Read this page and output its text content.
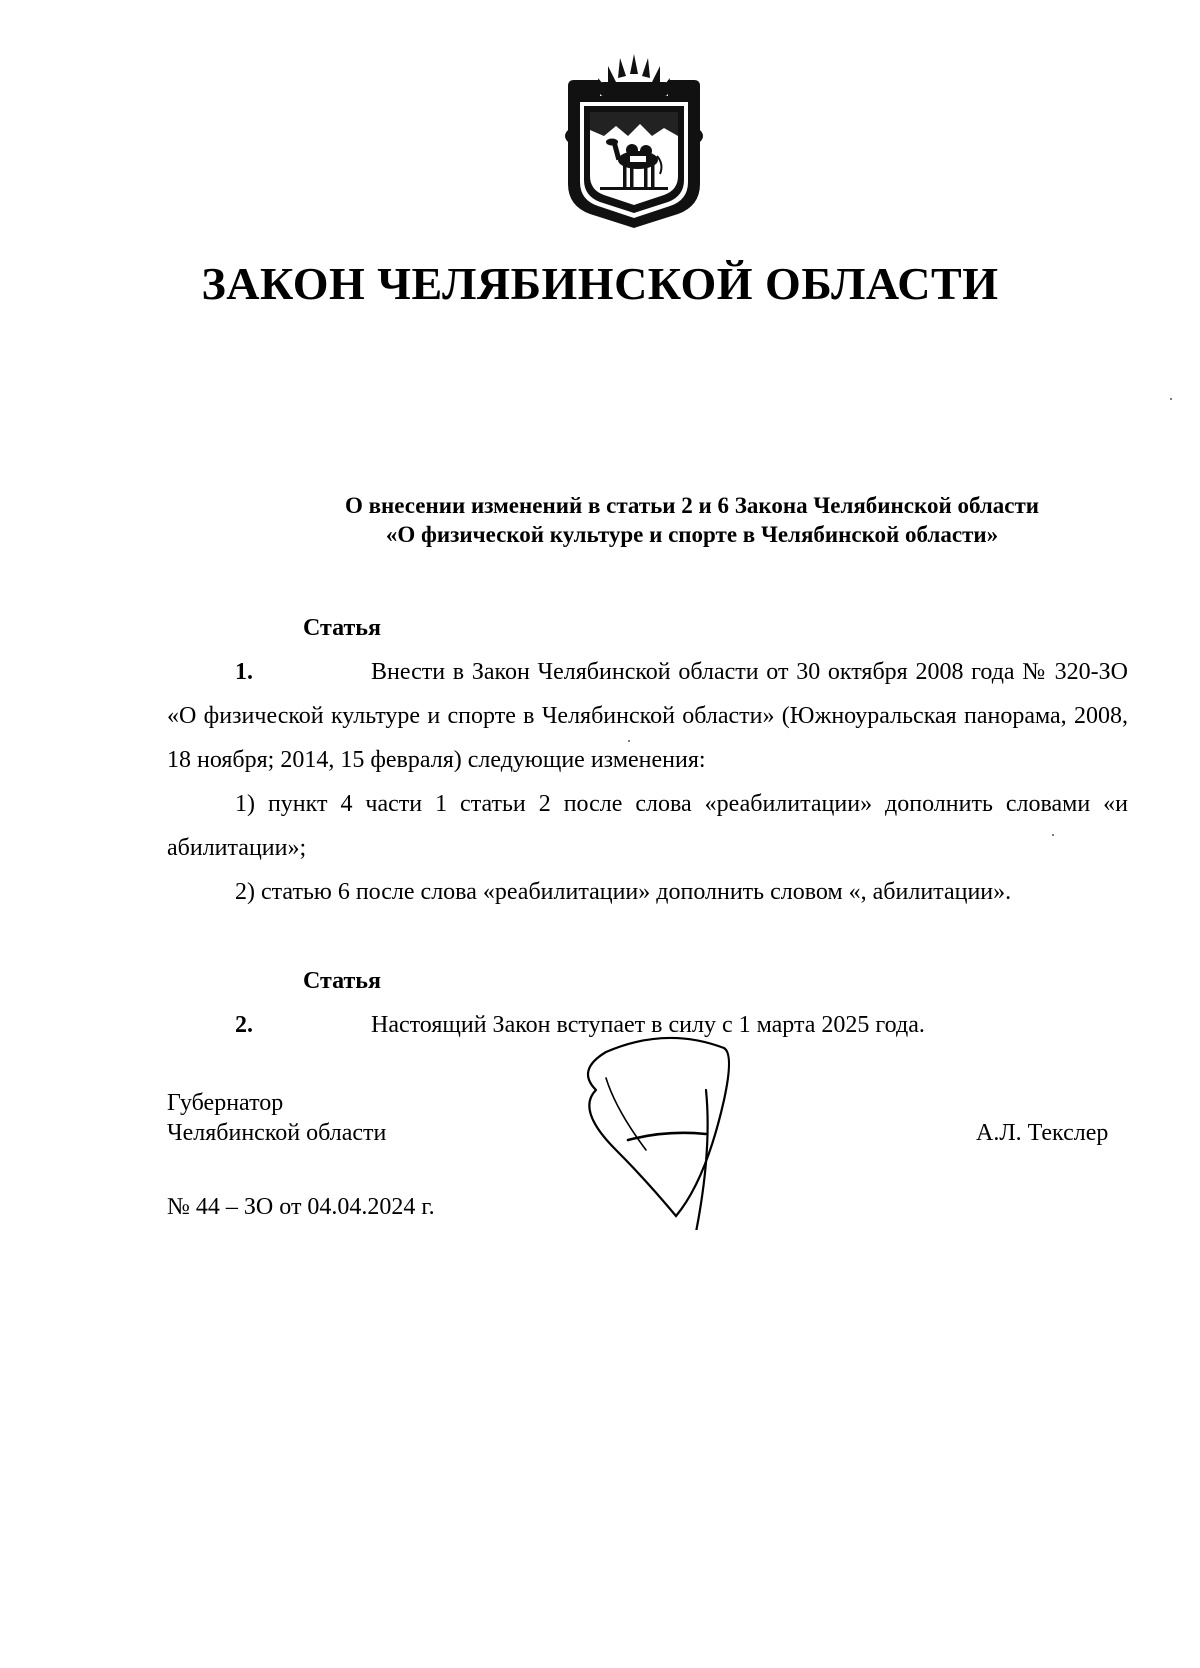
ЗАКОН ЧЕЛЯБИНСКОЙ ОБЛАСТИ
О внесении изменений в статьи 2 и 6 Закона Челябинской области
«О физической культуре и спорте в Челябинской области»

Статья 1.	Внести в Закон Челябинской области от 30 октября 2008 года № 320-ЗО «О физической культуре и спорте в Челябинской области» (Южноуральская панорама, 2008, 18 ноября; 2014, 15 февраля) следующие изменения:

1) пункт 4 части 1 статьи 2 после слова «реабилитации» дополнить словами «и абилитации»;

2) статью 6 после слова «реабилитации» дополнить словом «, абилитации».

Статья 2.	Настоящий Закон вступает в силу с 1 марта 2025 года.

Губернатор
Челябинской области	А.Л. Текслер
№ 44 – ЗО от 04.04.2024 г.
